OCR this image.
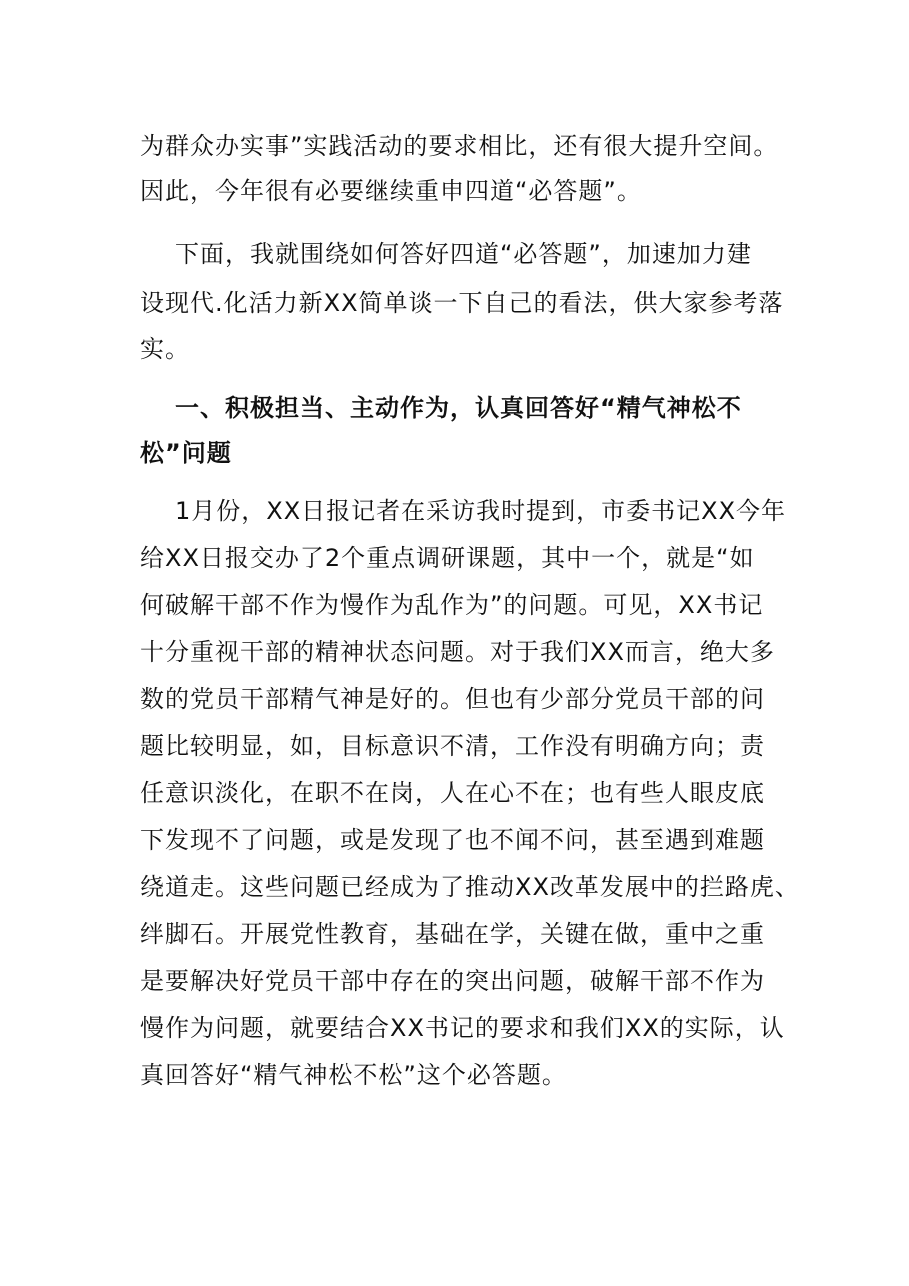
为群众办实事”实践活动的要求相比，还有很大提升空间。
因此，今年很有必要继续重申四道“必答题”。
下面，我就围绕如何答好四道“必答题”，加速加力建
设现代.化活力新XX简单谈一下自己的看法，供大家参考落
实。
一、积极担当、主动作为，认真回答好“精气神松不
松”问题
1月份，XX日报记者在采访我时提到，市委书记XX今年
给XX日报交办了2个重点调研课题，其中一个，就是“如
何破解干部不作为慢作为乱作为”的问题。可见，XX书记
十分重视干部的精神状态问题。对于我们XX而言，绝大多
数的党员干部精气神是好的。但也有少部分党员干部的问
题比较明显，如，目标意识不清，工作没有明确方向；责
任意识淡化，在职不在岗，人在心不在；也有些人眼皮底
下发现不了问题，或是发现了也不闻不问，甚至遇到难题
绕道走。这些问题已经成为了推动XX改革发展中的拦路虎、
绊脚石。开展党性教育，基础在学，关键在做，重中之重
是要解决好党员干部中存在的突出问题，破解干部不作为
慢作为问题，就要结合XX书记的要求和我们XX的实际，认
真回答好“精气神松不松”这个必答题。
